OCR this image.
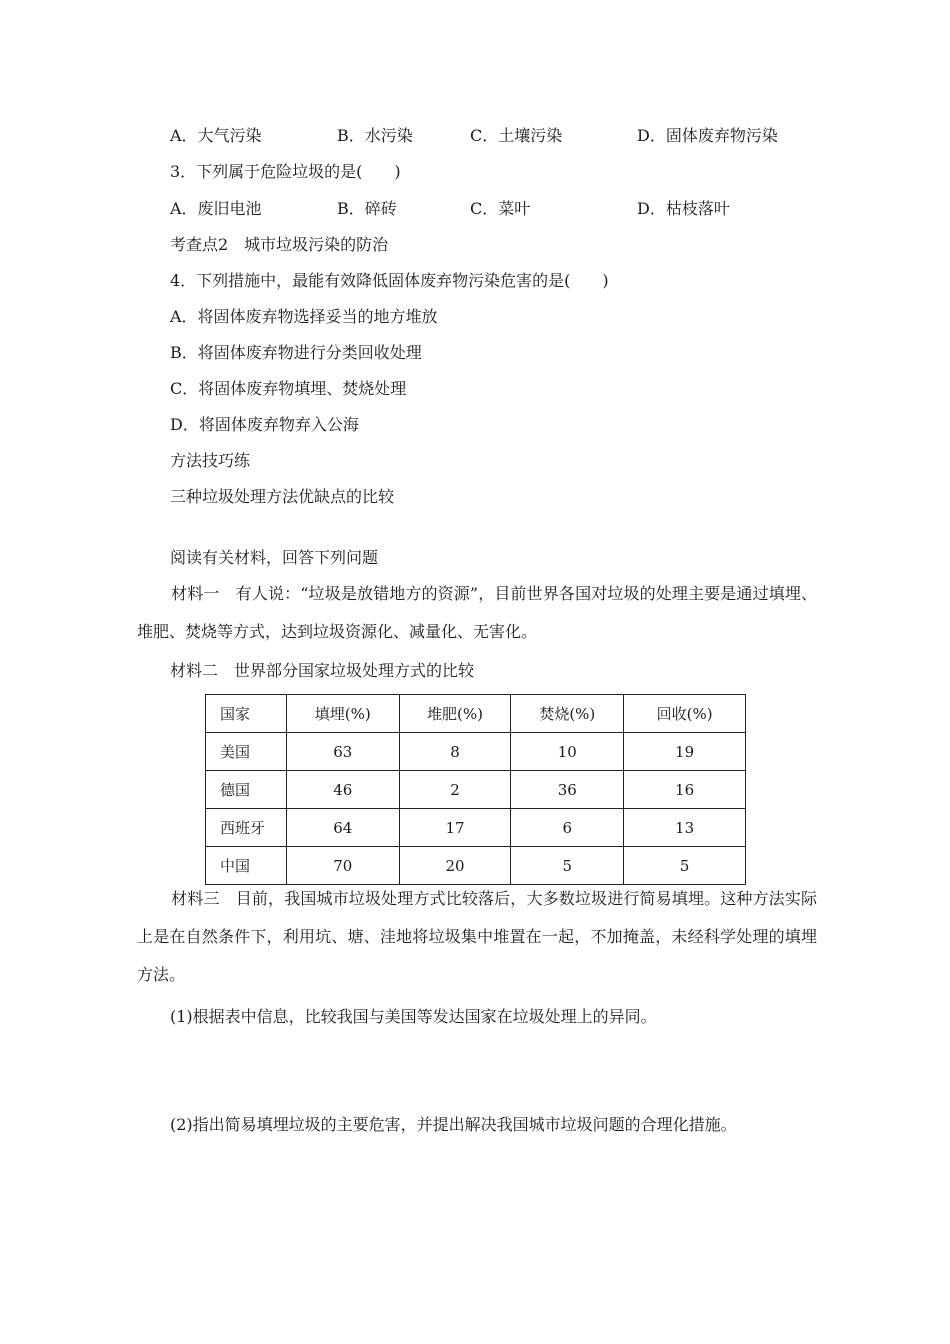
A．大气污染	B．水污染	C．土壤污染	D．固体废弃物污染
3．下列属于危险垃圾的是(　　)
A．废旧电池	B．碎砖	C．菜叶	D．枯枝落叶
考查点2　城市垃圾污染的防治
4．下列措施中，最能有效降低固体废弃物污染危害的是(　　)
A．将固体废弃物选择妥当的地方堆放
B．将固体废弃物进行分类回收处理
C．将固体废弃物填埋、焚烧处理
D．将固体废弃物弃入公海
方法技巧练
三种垃圾处理方法优缺点的比较
阅读有关材料，回答下列问题
材料一　有人说：“垃圾是放错地方的资源”，目前世界各国对垃圾的处理主要是通过填埋、堆肥、焚烧等方式，达到垃圾资源化、减量化、无害化。
材料二　世界部分国家垃圾处理方式的比较
国家	填埋(%)	堆肥(%)	焚烧(%)	回收(%)
美国	63	8	10	19
德国	46	2	36	16
西班牙	64	17	6	13
中国	70	20	5	5
材料三　目前，我国城市垃圾处理方式比较落后，大多数垃圾进行简易填埋。这种方法实际上是在自然条件下，利用坑、塘、洼地将垃圾集中堆置在一起，不加掩盖，未经科学处理的填埋方法。
(1)根据表中信息，比较我国与美国等发达国家在垃圾处理上的异同。
(2)指出简易填埋垃圾的主要危害，并提出解决我国城市垃圾问题的合理化措施。
